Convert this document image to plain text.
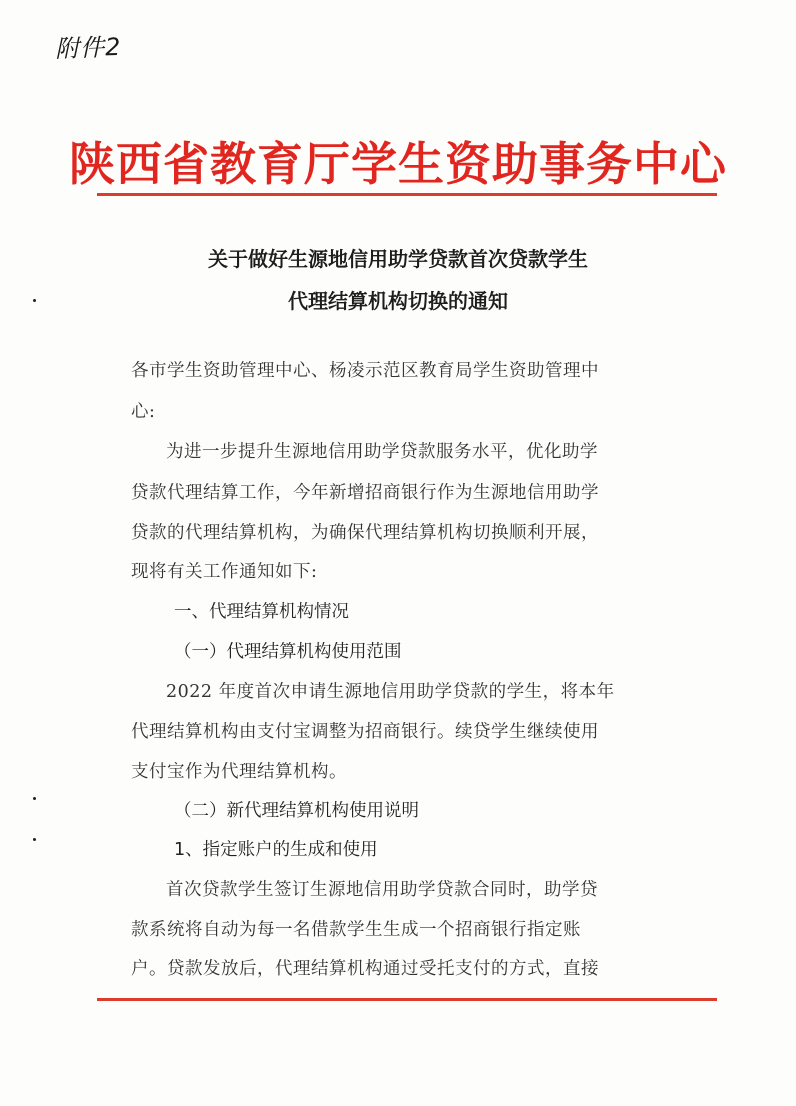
附件2
陕西省教育厅学生资助事务中心
关于做好生源地信用助学贷款首次贷款学生
代理结算机构切换的通知
各市学生资助管理中心、杨凌示范区教育局学生资助管理中
心:
为进一步提升生源地信用助学贷款服务水平，优化助学
贷款代理结算工作，今年新增招商银行作为生源地信用助学
贷款的代理结算机构，为确保代理结算机构切换顺利开展，
现将有关工作通知如下:
一、代理结算机构情况
（一）代理结算机构使用范围
2022 年度首次申请生源地信用助学贷款的学生，将本年
代理结算机构由支付宝调整为招商银行。续贷学生继续使用
支付宝作为代理结算机构。
（二）新代理结算机构使用说明
1、指定账户的生成和使用
首次贷款学生签订生源地信用助学贷款合同时，助学贷
款系统将自动为每一名借款学生生成一个招商银行指定账
户。贷款发放后，代理结算机构通过受托支付的方式，直接
